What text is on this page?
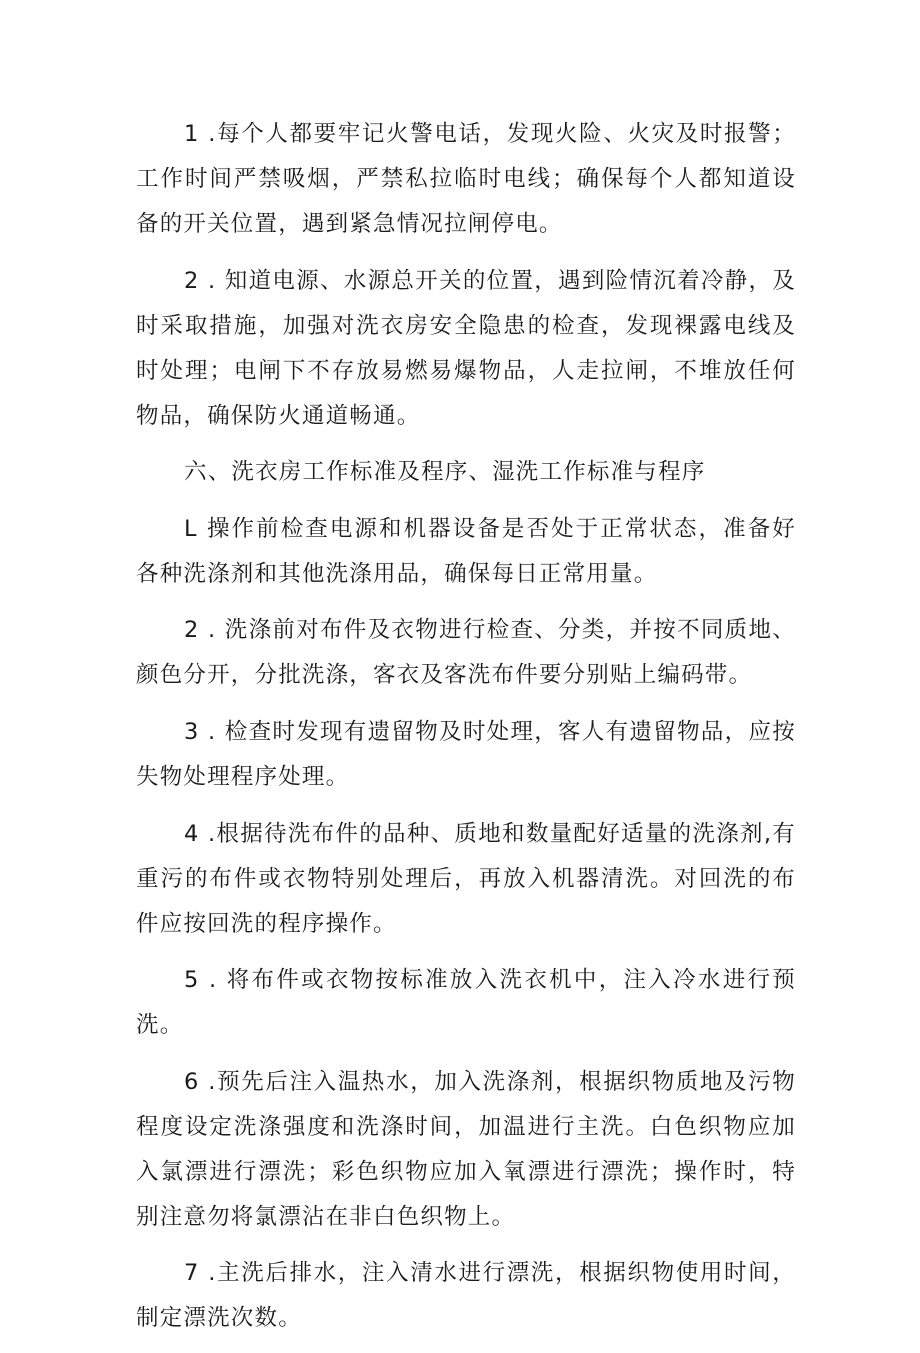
1 .每个人都要牢记火警电话，发现火险、火灾及时报警；工作时间严禁吸烟，严禁私拉临时电线；确保每个人都知道设备的开关位置，遇到紧急情况拉闸停电。

2 . 知道电源、水源总开关的位置，遇到险情沉着冷静，及时采取措施，加强对洗衣房安全隐患的检查，发现裸露电线及时处理；电闸下不存放易燃易爆物品，人走拉闸，不堆放任何物品，确保防火通道畅通。

六、洗衣房工作标准及程序、湿洗工作标准与程序

L 操作前检查电源和机器设备是否处于正常状态，准备好各种洗涤剂和其他洗涤用品，确保每日正常用量。

2 . 洗涤前对布件及衣物进行检查、分类，并按不同质地、颜色分开，分批洗涤，客衣及客洗布件要分别贴上编码带。

3 . 检查时发现有遗留物及时处理，客人有遗留物品，应按失物处理程序处理。

4 .根据待洗布件的品种、质地和数量配好适量的洗涤剂,有重污的布件或衣物特别处理后，再放入机器清洗。对回洗的布件应按回洗的程序操作。

5 . 将布件或衣物按标准放入洗衣机中，注入冷水进行预洗。

6 .预先后注入温热水，加入洗涤剂，根据织物质地及污物程度设定洗涤强度和洗涤时间，加温进行主洗。白色织物应加入氯漂进行漂洗；彩色织物应加入氧漂进行漂洗；操作时，特别注意勿将氯漂沾在非白色织物上。

7 .主洗后排水，注入清水进行漂洗，根据织物使用时间，制定漂洗次数。
